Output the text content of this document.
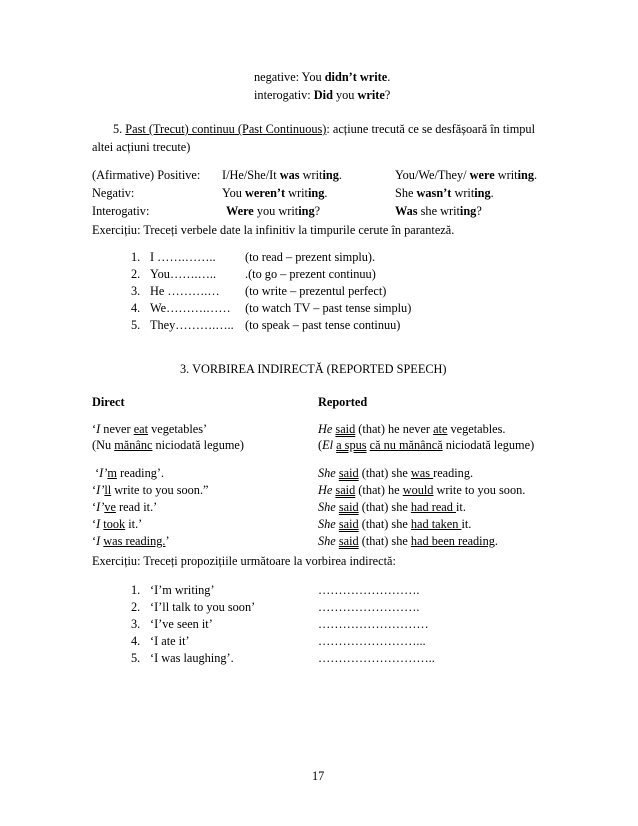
negative: You didn’t write.
interogativ: Did you write?
5. Past (Trecut) continuu (Past Continuous): acțiune trecută ce se desfășoară în timpul
altei acțiuni trecute)
(Afirmative) Positive: I/He/She/It was writing.	You/We/They/ were writing.
Negativ:	You weren’t writing.	She wasn’t writing.
Interogativ:	Were you writing?	Was she writing?
Exercițiu: Treceți verbele date la infinitiv la timpurile cerute în paranteză.
1. I …….…….. (to read – prezent simplu).
2. You…….….. .(to go – prezent continuu)
3. He ……….… (to write – prezentul perfect)
4. We……….…… (to watch TV – past tense simplu)
5. They……….….. (to speak – past tense continuu)
3. VORBIREA INDIRECTĂ (REPORTED SPEECH)
Direct	Reported
‘I never eat vegetables’	He said (that) he never ate vegetables.
(Nu mănânc niciodată legume)	(El a spus că nu mănâncă niciodată legume)
‘I’m reading’.	She said (that) she was reading.
‘I’ll write to you soon.”	He said (that) he would write to you soon.
‘I’ve read it.’	She said (that) she had read it.
‘I took it.’	She said (that) she had taken it.
‘I was reading.’	She said (that) she had been reading.
Exercițiu: Treceți propozițiile următoare la vorbirea indirectă:
1. ‘I’m writing’	…………………….
2. ‘I’ll talk to you soon’	…………………….
3. ‘I’ve seen it’	………………………
4. ‘I ate it’	……………………...
5. ‘I was laughing’.	………………………..
17
